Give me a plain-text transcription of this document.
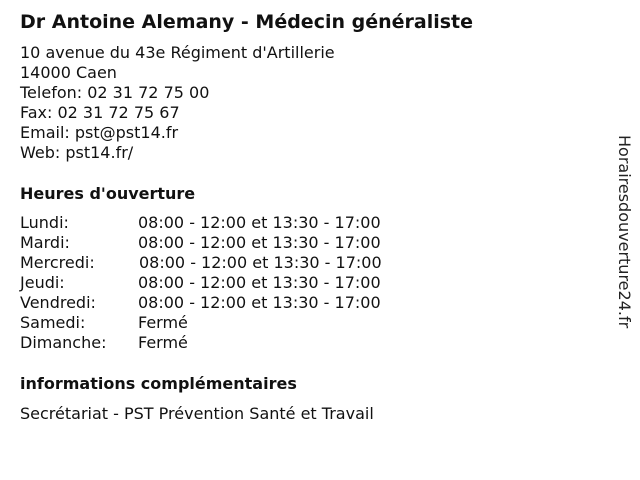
Dr Antoine Alemany - Médecin généraliste
10 avenue du 43e Régiment d'Artillerie
14000 Caen
Telefon: 02 31 72 75 00
Fax: 02 31 72 75 67
Email: pst@pst14.fr
Web: pst14.fr/
Heures d'ouverture
Lundi:	08:00 - 12:00 et 13:30 - 17:00
Mardi:	08:00 - 12:00 et 13:30 - 17:00
Mercredi:	08:00 - 12:00 et 13:30 - 17:00
Jeudi:	08:00 - 12:00 et 13:30 - 17:00
Vendredi:	08:00 - 12:00 et 13:30 - 17:00
Samedi:	Fermé
Dimanche: Fermé
informations complémentaires
Secrétariat - PST Prévention Santé et Travail
Horairesdouverture24.fr
